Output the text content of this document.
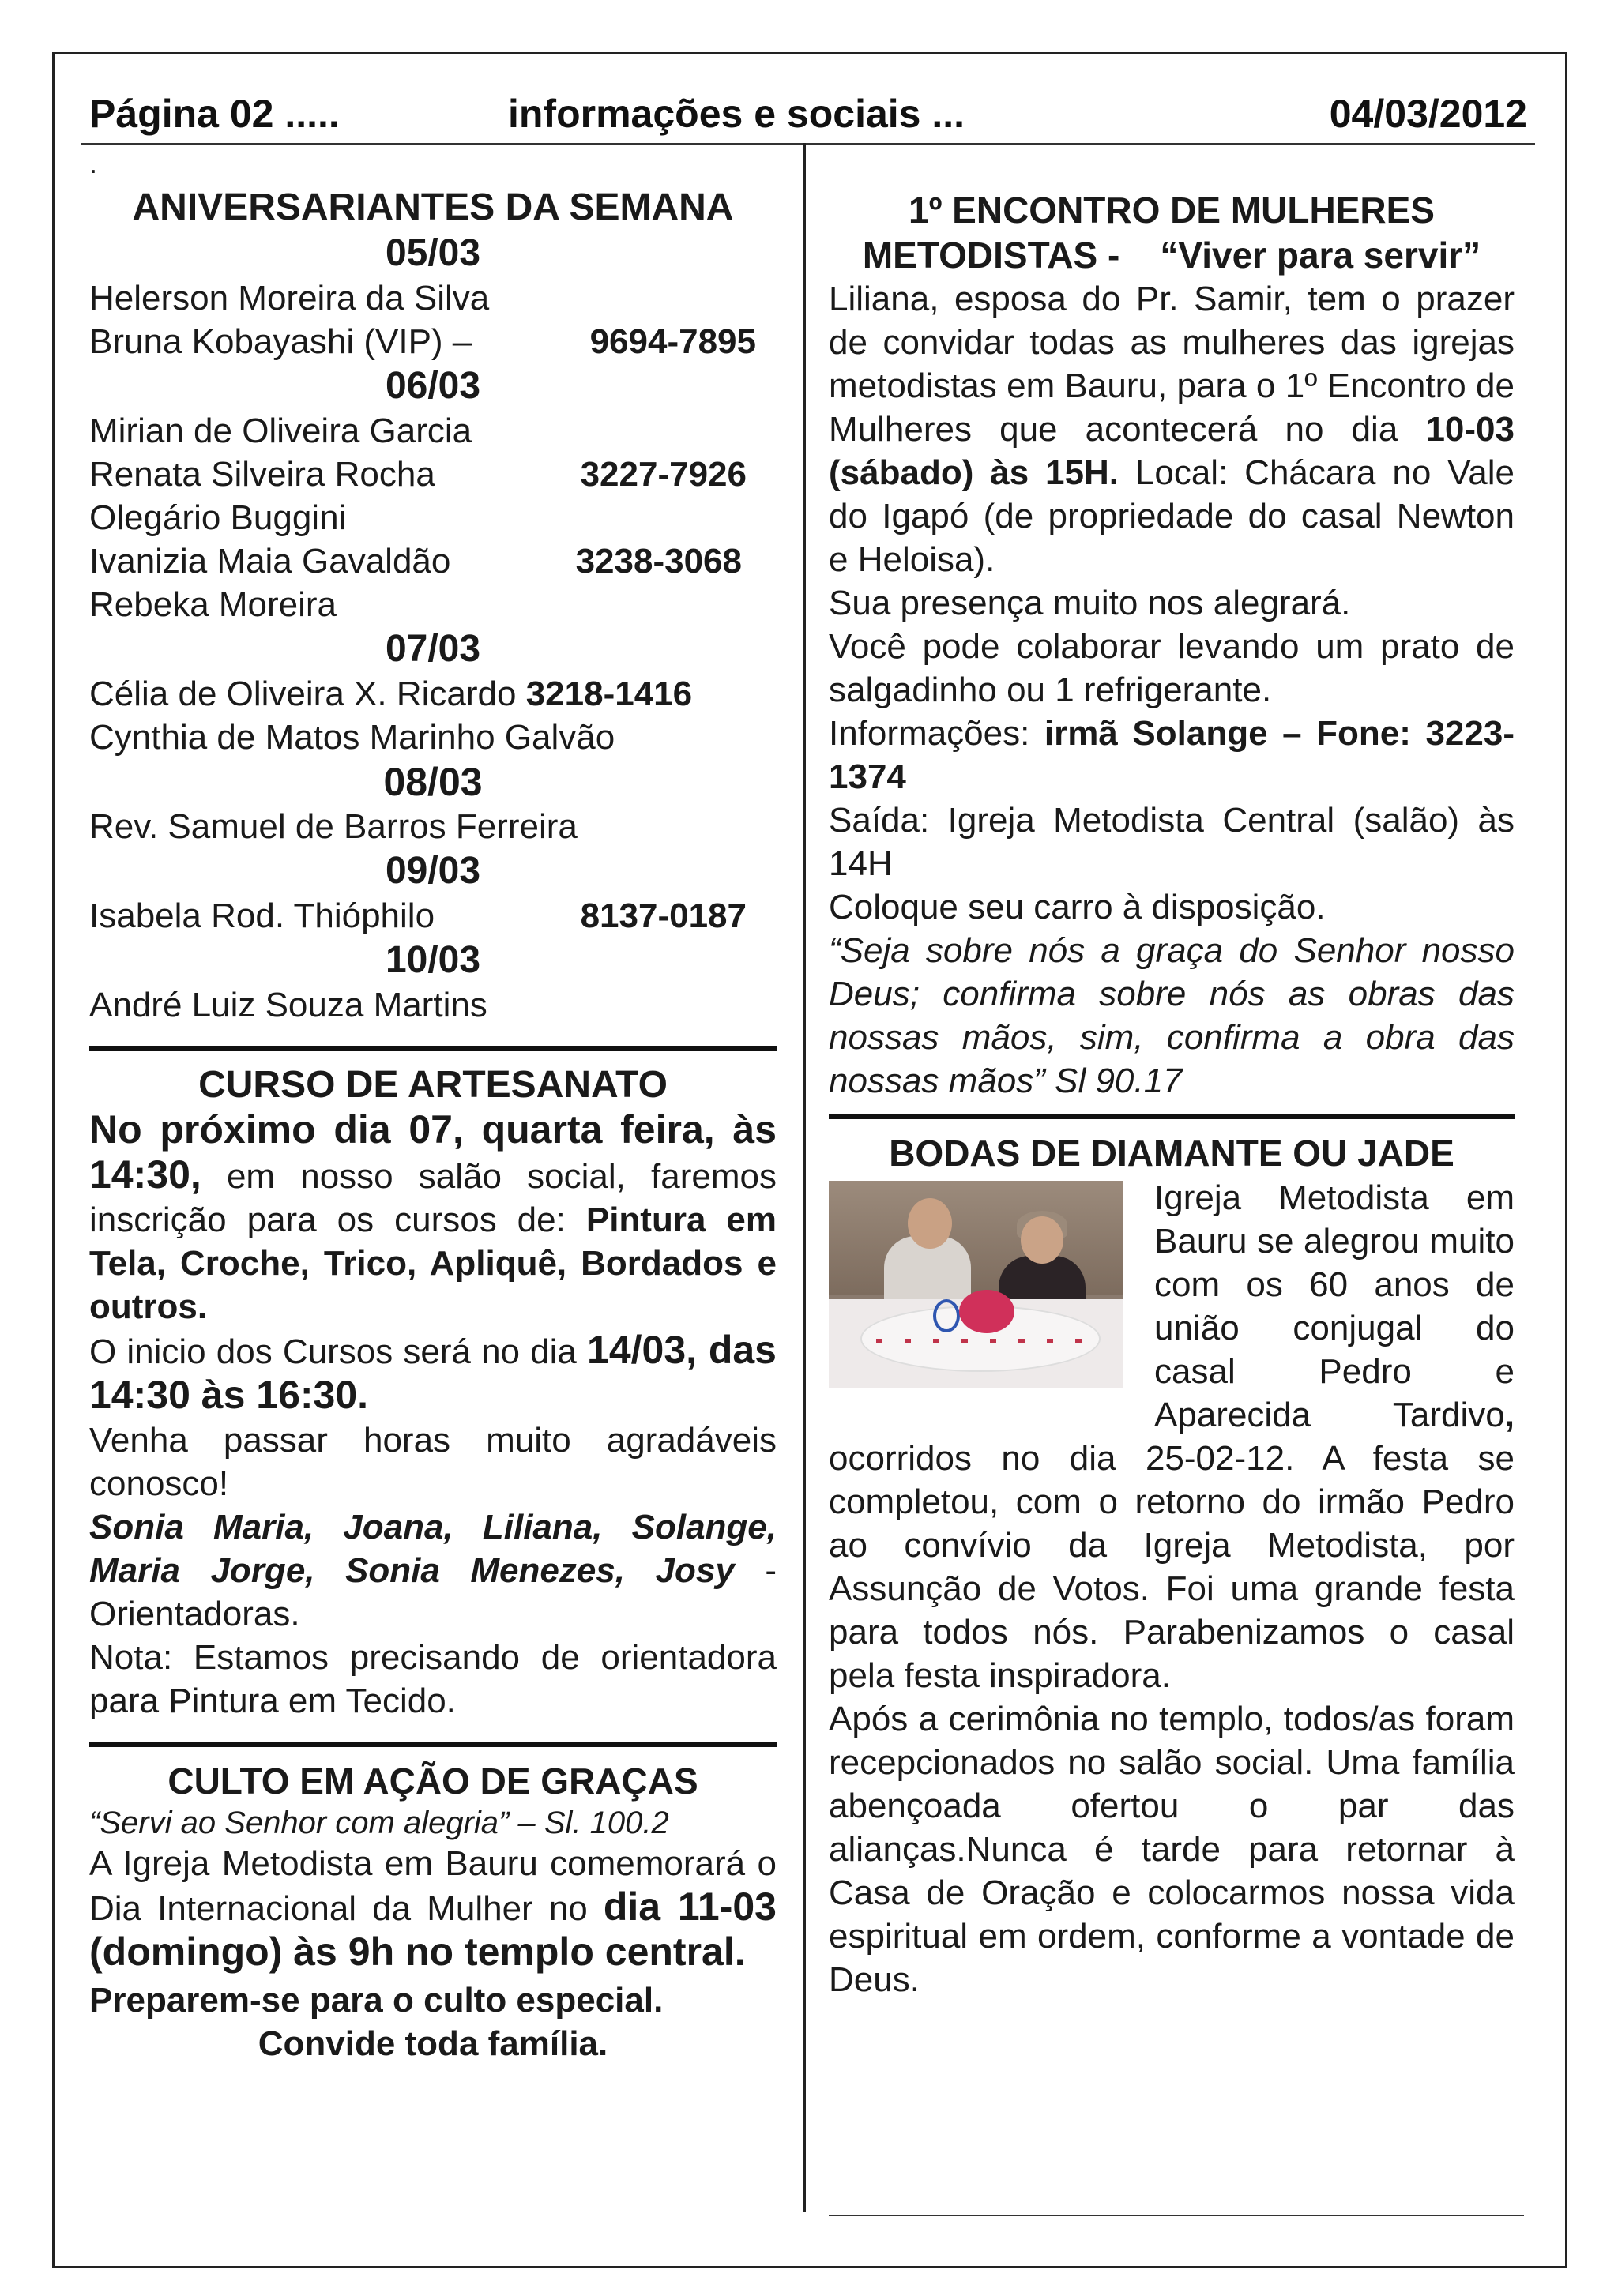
Página 02 .....	informações e sociais ...	04/03/2012
.
ANIVERSARIANTES DA SEMANA
05/03
Helerson Moreira da Silva
Bruna Kobayashi (VIP) –	9694-7895
06/03
Mirian de Oliveira Garcia
Renata Silveira Rocha	3227-7926
Olegário Buggini
Ivanizia Maia Gavaldão	3238-3068
Rebeka Moreira
07/03
Célia de Oliveira X. Ricardo 3218-1416
Cynthia de Matos Marinho Galvão
08/03
Rev. Samuel de Barros Ferreira
09/03
Isabela Rod. Thióphilo	8137-0187
10/03
André Luiz Souza Martins
CURSO DE ARTESANATO
No próximo dia 07, quarta feira, às 14:30, em nosso salão social, faremos inscrição para os cursos de: Pintura em Tela, Croche, Trico, Apliquê, Bordados e outros.
O inicio dos Cursos será no dia 14/03, das 14:30 às 16:30.
Venha passar horas muito agradáveis conosco!
Sonia Maria, Joana, Liliana, Solange, Maria Jorge, Sonia Menezes, Josy - Orientadoras.
Nota: Estamos precisando de orientadora para Pintura em Tecido.
CULTO EM AÇÃO DE GRAÇAS
“Servi ao Senhor com alegria” – Sl. 100.2
A Igreja Metodista em Bauru comemorará o Dia Internacional da Mulher no dia 11-03 (domingo) às 9h no templo central.
Preparem-se para o culto especial.
Convide toda família.
1º ENCONTRO DE MULHERES
METODISTAS -    “Viver para servir”
Liliana, esposa do Pr. Samir, tem o prazer de convidar todas as mulheres das igrejas metodistas em Bauru, para o 1º Encontro de Mulheres que acontecerá no dia 10-03 (sábado) às 15H. Local: Chácara no Vale do Igapó (de propriedade do casal Newton e Heloisa).
Sua presença muito nos alegrará.
Você pode colaborar levando um prato de salgadinho ou 1 refrigerante.
Informações: irmã Solange – Fone: 3223-1374
Saída: Igreja Metodista Central (salão) às 14H
Coloque seu carro à disposição.
“Seja sobre nós a graça do Senhor nosso Deus; confirma sobre nós as obras das nossas mãos, sim, confirma a obra das nossas mãos” Sl 90.17
BODAS DE DIAMANTE OU JADE
Igreja Metodista em Bauru se alegrou muito com os 60 anos de união conjugal do casal Pedro e Aparecida Tardivo, ocorridos no dia 25-02-12. A festa se completou, com o retorno do irmão Pedro ao convívio da Igreja Metodista, por Assunção de Votos. Foi uma grande festa para todos nós. Parabenizamos o casal pela festa inspiradora.
Após a cerimônia no templo, todos/as foram recepcionados no salão social. Uma família abençoada ofertou o par das alianças.Nunca é tarde para retornar à Casa de Oração e colocarmos nossa vida espiritual em ordem, conforme a vontade de Deus.
